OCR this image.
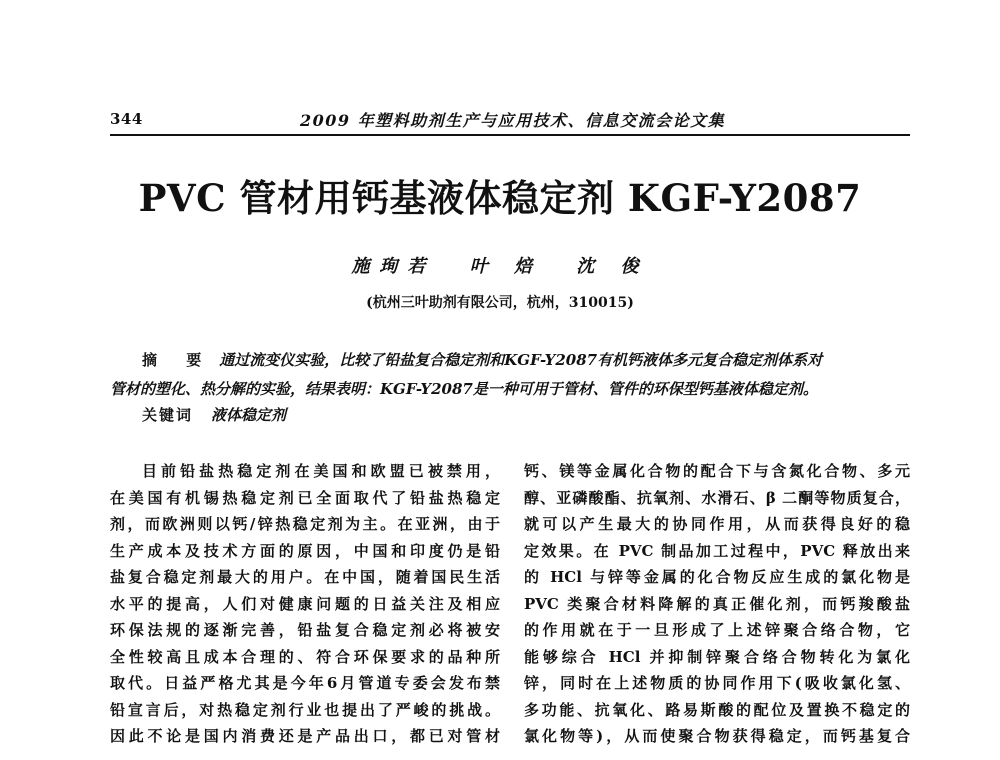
344	2009 年塑料助剂生产与应用技术、信息交流会论文集
PVC 管材用钙基液体稳定剂 KGF-Y2087
施珣若 叶 焙 沈 俊
(杭州三叶助剂有限公司，杭州，310015)
摘 要 通过流变仪实验，比较了铅盐复合稳定剂和KGF-Y2087有机钙液体多元复合稳定剂体系对
管材的塑化、热分解的实验，结果表明：KGF-Y2087是一种可用于管材、管件的环保型钙基液体稳定剂。
关键词 液体稳定剂
目前铅盐热稳定剂在美国和欧盟已被禁用，
在美国有机锡热稳定剂已全面取代了铅盐热稳定
剂，而欧洲则以钙/锌热稳定剂为主。在亚洲，由于
生产成本及技术方面的原因，中国和印度仍是铅
盐复合稳定剂最大的用户。在中国，随着国民生活
水平的提高，人们对健康问题的日益关注及相应
环保法规的逐渐完善，铅盐复合稳定剂必将被安
全性较高且成本合理的、符合环保要求的品种所
取代。日益严格尤其是今年6月管道专委会发布禁
铅宣言后，对热稳定剂行业也提出了严峻的挑战。
因此不论是国内消费还是产品出口，都已对管材
钙、镁等金属化合物的配合下与含氮化合物、多元
醇、亚磷酸酯、抗氧剂、水滑石、β 二酮等物质复合，
就可以产生最大的协同作用，从而获得良好的稳
定效果。在 PVC 制品加工过程中，PVC 释放出来
的 HCl 与锌等金属的化合物反应生成的氯化物是
PVC 类聚合材料降解的真正催化剂，而钙羧酸盐
的作用就在于一旦形成了上述锌聚合络合物，它
能够综合 HCl 并抑制锌聚合络合物转化为氯化
锌，同时在上述物质的协同作用下(吸收氯化氢、
多功能、抗氧化、路易斯酸的配位及置换不稳定的
氯化物等)，从而使聚合物获得稳定，而钙基复合
